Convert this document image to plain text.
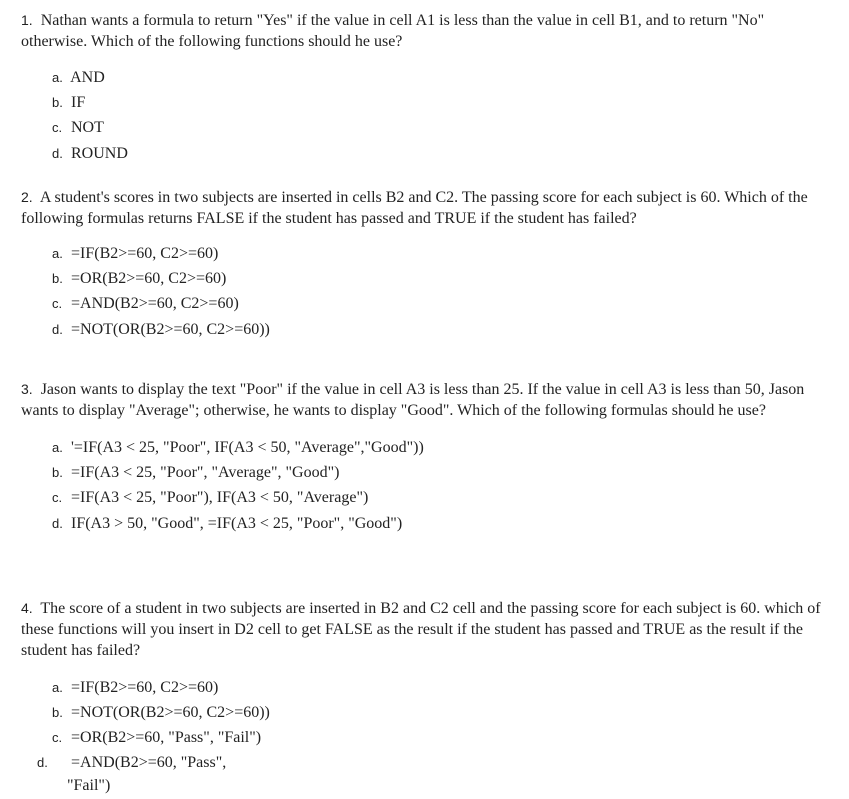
1. Nathan wants a formula to return "Yes" if the value in cell A1 is less than the value in cell B1, and to return "No" otherwise. Which of the following functions should he use?

a. AND
b. IF
c. NOT
d. ROUND

2. A student's scores in two subjects are inserted in cells B2 and C2. The passing score for each subject is 60. Which of the following formulas returns FALSE if the student has passed and TRUE if the student has failed?

a. =IF(B2>=60, C2>=60)
b. =OR(B2>=60, C2>=60)
c. =AND(B2>=60, C2>=60)
d. =NOT(OR(B2>=60, C2>=60))

3. Jason wants to display the text "Poor" if the value in cell A3 is less than 25. If the value in cell A3 is less than 50, Jason wants to display "Average"; otherwise, he wants to display "Good". Which of the following formulas should he use?

a. '=IF(A3 < 25, "Poor", IF(A3 < 50, "Average","Good"))
b. =IF(A3 < 25, "Poor", "Average", "Good")
c. =IF(A3 < 25, "Poor"), IF(A3 < 50, "Average")
d. IF(A3 > 50, "Good", =IF(A3 < 25, "Poor", "Good")

4. The score of a student in two subjects are inserted in B2 and C2 cell and the passing score for each subject is 60. which of these functions will you insert in D2 cell to get FALSE as the result if the student has passed and TRUE as the result if the student has failed?

a. =IF(B2>=60, C2>=60)
b. =NOT(OR(B2>=60, C2>=60))
c. =OR(B2>=60, "Pass", "Fail")
d. =AND(B2>=60, "Pass", "Fail")
